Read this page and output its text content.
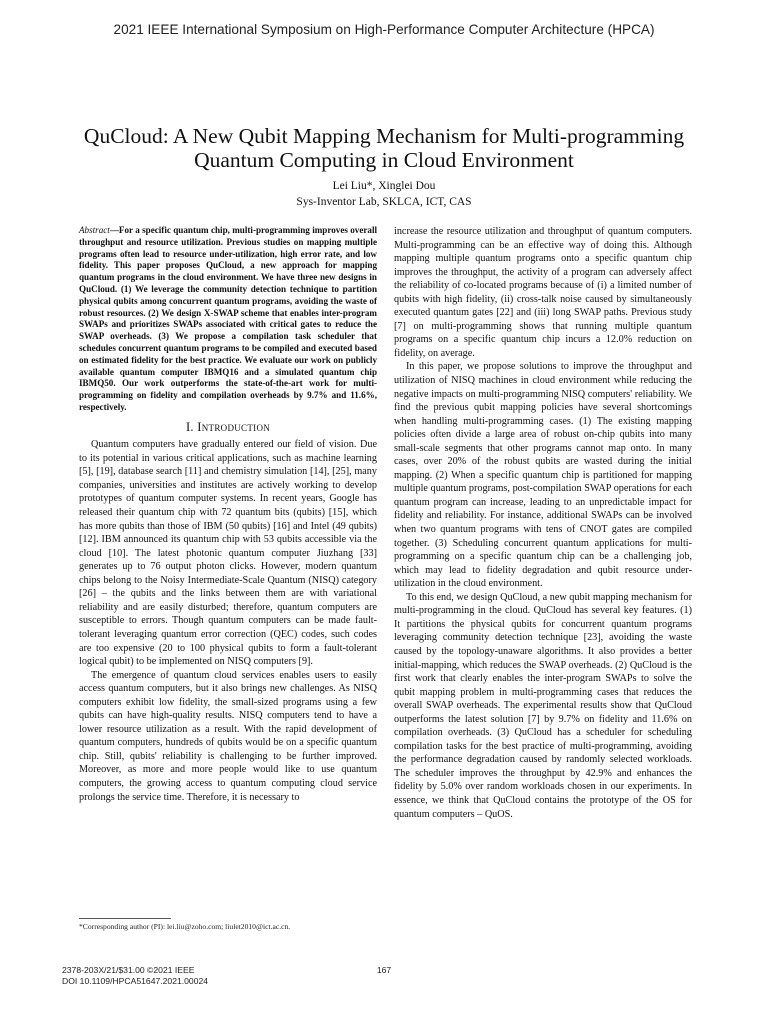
2021 IEEE International Symposium on High-Performance Computer Architecture (HPCA)
QuCloud: A New Qubit Mapping Mechanism for Multi-programming
Quantum Computing in Cloud Environment
Lei Liu*, Xinglei Dou
Sys-Inventor Lab, SKLCA, ICT, CAS

Abstract—For a specific quantum chip, multi-programming improves overall throughput and resource utilization. Previous studies on mapping multiple programs often lead to resource under-utilization, high error rate, and low fidelity. This paper proposes QuCloud, a new approach for mapping quantum programs in the cloud environment. We have three new designs in QuCloud. (1) We leverage the community detection technique to partition physical qubits among concurrent quantum programs, avoiding the waste of robust resources. (2) We design X-SWAP scheme that enables inter-program SWAPs and prioritizes SWAPs associated with critical gates to reduce the SWAP overheads. (3) We propose a compilation task scheduler that schedules concurrent quantum programs to be compiled and executed based on estimated fidelity for the best practice. We evaluate our work on publicly available quantum computer IBMQ16 and a simulated quantum chip IBMQ50. Our work outperforms the state-of-the-art work for multi-programming on fidelity and compilation overheads by 9.7% and 11.6%, respectively.

I. Introduction

Quantum computers have gradually entered our field of vision. Due to its potential in various critical applications, such as machine learning [5], [19], database search [11] and chemistry simulation [14], [25], many companies, universities and institutes are actively working to develop prototypes of quantum computer systems. In recent years, Google has released their quantum chip with 72 quantum bits (qubits) [15], which has more qubits than those of IBM (50 qubits) [16] and Intel (49 qubits) [12]. IBM announced its quantum chip with 53 qubits accessible via the cloud [10]. The latest photonic quantum computer Jiuzhang [33] generates up to 76 output photon clicks. However, modern quantum chips belong to the Noisy Intermediate-Scale Quantum (NISQ) category [26] – the qubits and the links between them are with variational reliability and are easily disturbed; therefore, quantum computers are susceptible to errors. Though quantum computers can be made fault-tolerant leveraging quantum error correction (QEC) codes, such codes are too expensive (20 to 100 physical qubits to form a fault-tolerant logical qubit) to be implemented on NISQ computers [9].

The emergence of quantum cloud services enables users to easily access quantum computers, but it also brings new challenges. As NISQ computers exhibit low fidelity, the small-sized programs using a few qubits can have high-quality results. NISQ computers tend to have a lower resource utilization as a result. With the rapid development of quantum computers, hundreds of qubits would be on a specific quantum chip. Still, qubits' reliability is challenging to be further improved. Moreover, as more and more people would like to use quantum computers, the growing access to quantum computing cloud service prolongs the service time. Therefore, it is necessary to

increase the resource utilization and throughput of quantum computers. Multi-programming can be an effective way of doing this. Although mapping multiple quantum programs onto a specific quantum chip improves the throughput, the activity of a program can adversely affect the reliability of co-located programs because of (i) a limited number of qubits with high fidelity, (ii) cross-talk noise caused by simultaneously executed quantum gates [22] and (iii) long SWAP paths. Previous study [7] on multi-programming shows that running multiple quantum programs on a specific quantum chip incurs a 12.0% reduction on fidelity, on average.

In this paper, we propose solutions to improve the throughput and utilization of NISQ machines in cloud environment while reducing the negative impacts on multi-programming NISQ computers' reliability. We find the previous qubit mapping policies have several shortcomings when handling multi-programming cases. (1) The existing mapping policies often divide a large area of robust on-chip qubits into many small-scale segments that other programs cannot map onto. In many cases, over 20% of the robust qubits are wasted during the initial mapping. (2) When a specific quantum chip is partitioned for mapping multiple quantum programs, post-compilation SWAP operations for each quantum program can increase, leading to an unpredictable impact for fidelity and reliability. For instance, additional SWAPs can be involved when two quantum programs with tens of CNOT gates are compiled together. (3) Scheduling concurrent quantum applications for multi-programming on a specific quantum chip can be a challenging job, which may lead to fidelity degradation and qubit resource under-utilization in the cloud environment.

To this end, we design QuCloud, a new qubit mapping mechanism for multi-programming in the cloud. QuCloud has several key features. (1) It partitions the physical qubits for concurrent quantum programs leveraging community detection technique [23], avoiding the waste caused by the topology-unaware algorithms. It also provides a better initial-mapping, which reduces the SWAP overheads. (2) QuCloud is the first work that clearly enables the inter-program SWAPs to solve the qubit mapping problem in multi-programming cases that reduces the overall SWAP overheads. The experimental results show that QuCloud outperforms the latest solution [7] by 9.7% on fidelity and 11.6% on compilation overheads. (3) QuCloud has a scheduler for scheduling compilation tasks for the best practice of multi-programming, avoiding the performance degradation caused by randomly selected workloads. The scheduler improves the throughput by 42.9% and enhances the fidelity by 5.0% over random workloads chosen in our experiments. In essence, we think that QuCloud contains the prototype of the OS for quantum computers – QuOS.

*Corresponding author (PI): lei.liu@zoho.com; liulet2010@ict.ac.cn.
2378-203X/21/$31.00 ©2021 IEEE
DOI 10.1109/HPCA51647.2021.00024
167
